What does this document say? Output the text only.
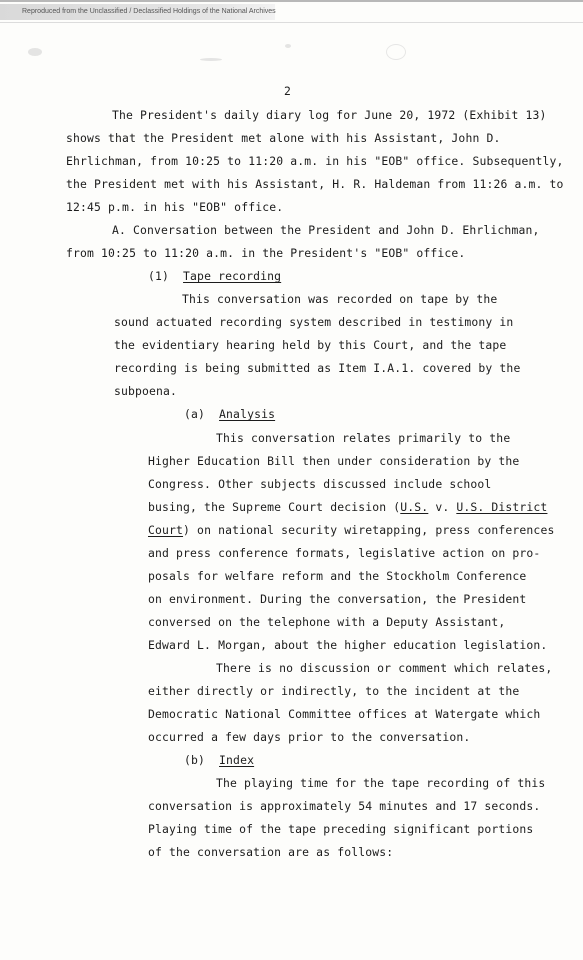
Reproduced from the Unclassified / Declassified Holdings of the National Archives
2
The President's daily diary log for June 20, 1972 (Exhibit 13)
shows that the President met alone with his Assistant, John D.
Ehrlichman, from 10:25 to 11:20 a.m. in his "EOB" office. Subsequently,
the President met with his Assistant, H. R. Haldeman from 11:26 a.m. to
12:45 p.m. in his "EOB" office.
A. Conversation between the President and John D. Ehrlichman,
from 10:25 to 11:20 a.m. in the President's "EOB" office.
(1) Tape recording
This conversation was recorded on tape by the
sound actuated recording system described in testimony in
the evidentiary hearing held by this Court, and the tape
recording is being submitted as Item I.A.1. covered by the
subpoena.
(a) Analysis
This conversation relates primarily to the
Higher Education Bill then under consideration by the
Congress. Other subjects discussed include school
busing, the Supreme Court decision (U.S. v. U.S. District
Court) on national security wiretapping, press conferences
and press conference formats, legislative action on pro-
posals for welfare reform and the Stockholm Conference
on environment. During the conversation, the President
conversed on the telephone with a Deputy Assistant,
Edward L. Morgan, about the higher education legislation.
There is no discussion or comment which relates,
either directly or indirectly, to the incident at the
Democratic National Committee offices at Watergate which
occurred a few days prior to the conversation.
(b) Index
The playing time for the tape recording of this
conversation is approximately 54 minutes and 17 seconds.
Playing time of the tape preceding significant portions
of the conversation are as follows:
